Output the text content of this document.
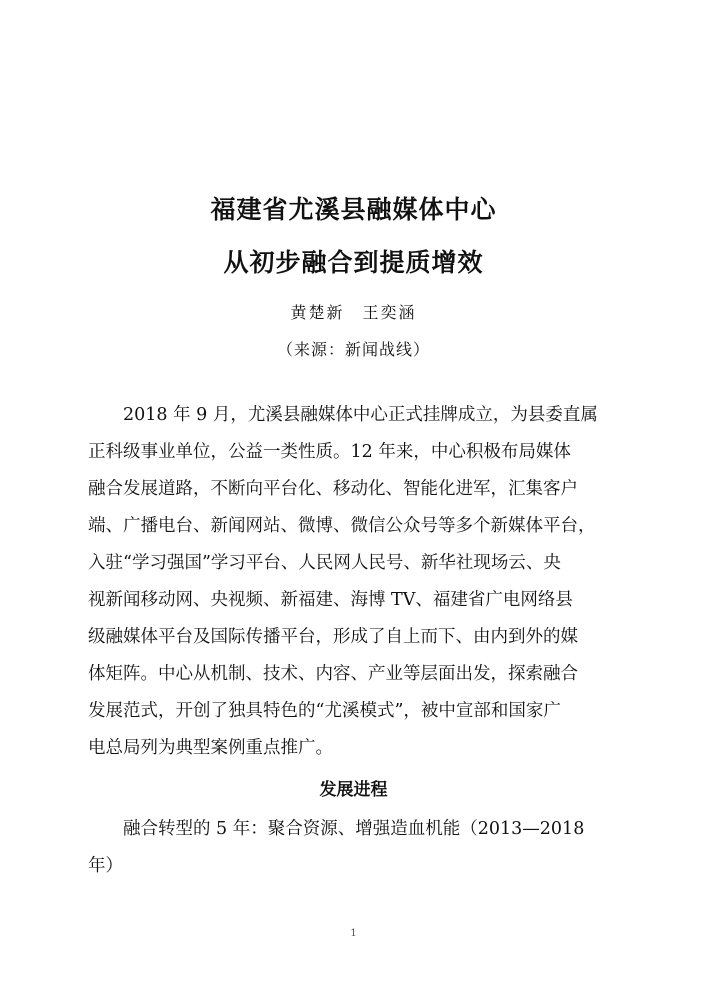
福建省尤溪县融媒体中心
从初步融合到提质增效
黄楚新　王奕涵
（来源：新闻战线）
　　2018 年 9 月，尤溪县融媒体中心正式挂牌成立，为县委直属
正科级事业单位，公益一类性质。12 年来，中心积极布局媒体
融合发展道路，不断向平台化、移动化、智能化进军，汇集客户
端、广播电台、新闻网站、微博、微信公众号等多个新媒体平台，
入驻“学习强国”学习平台、人民网人民号、新华社现场云、央
视新闻移动网、央视频、新福建、海博 TV、福建省广电网络县
级融媒体平台及国际传播平台，形成了自上而下、由内到外的媒
体矩阵。中心从机制、技术、内容、产业等层面出发，探索融合
发展范式，开创了独具特色的“尤溪模式”，被中宣部和国家广
电总局列为典型案例重点推广。
发展进程
　　融合转型的 5 年：聚合资源、增强造血机能（2013—2018
年）
1
